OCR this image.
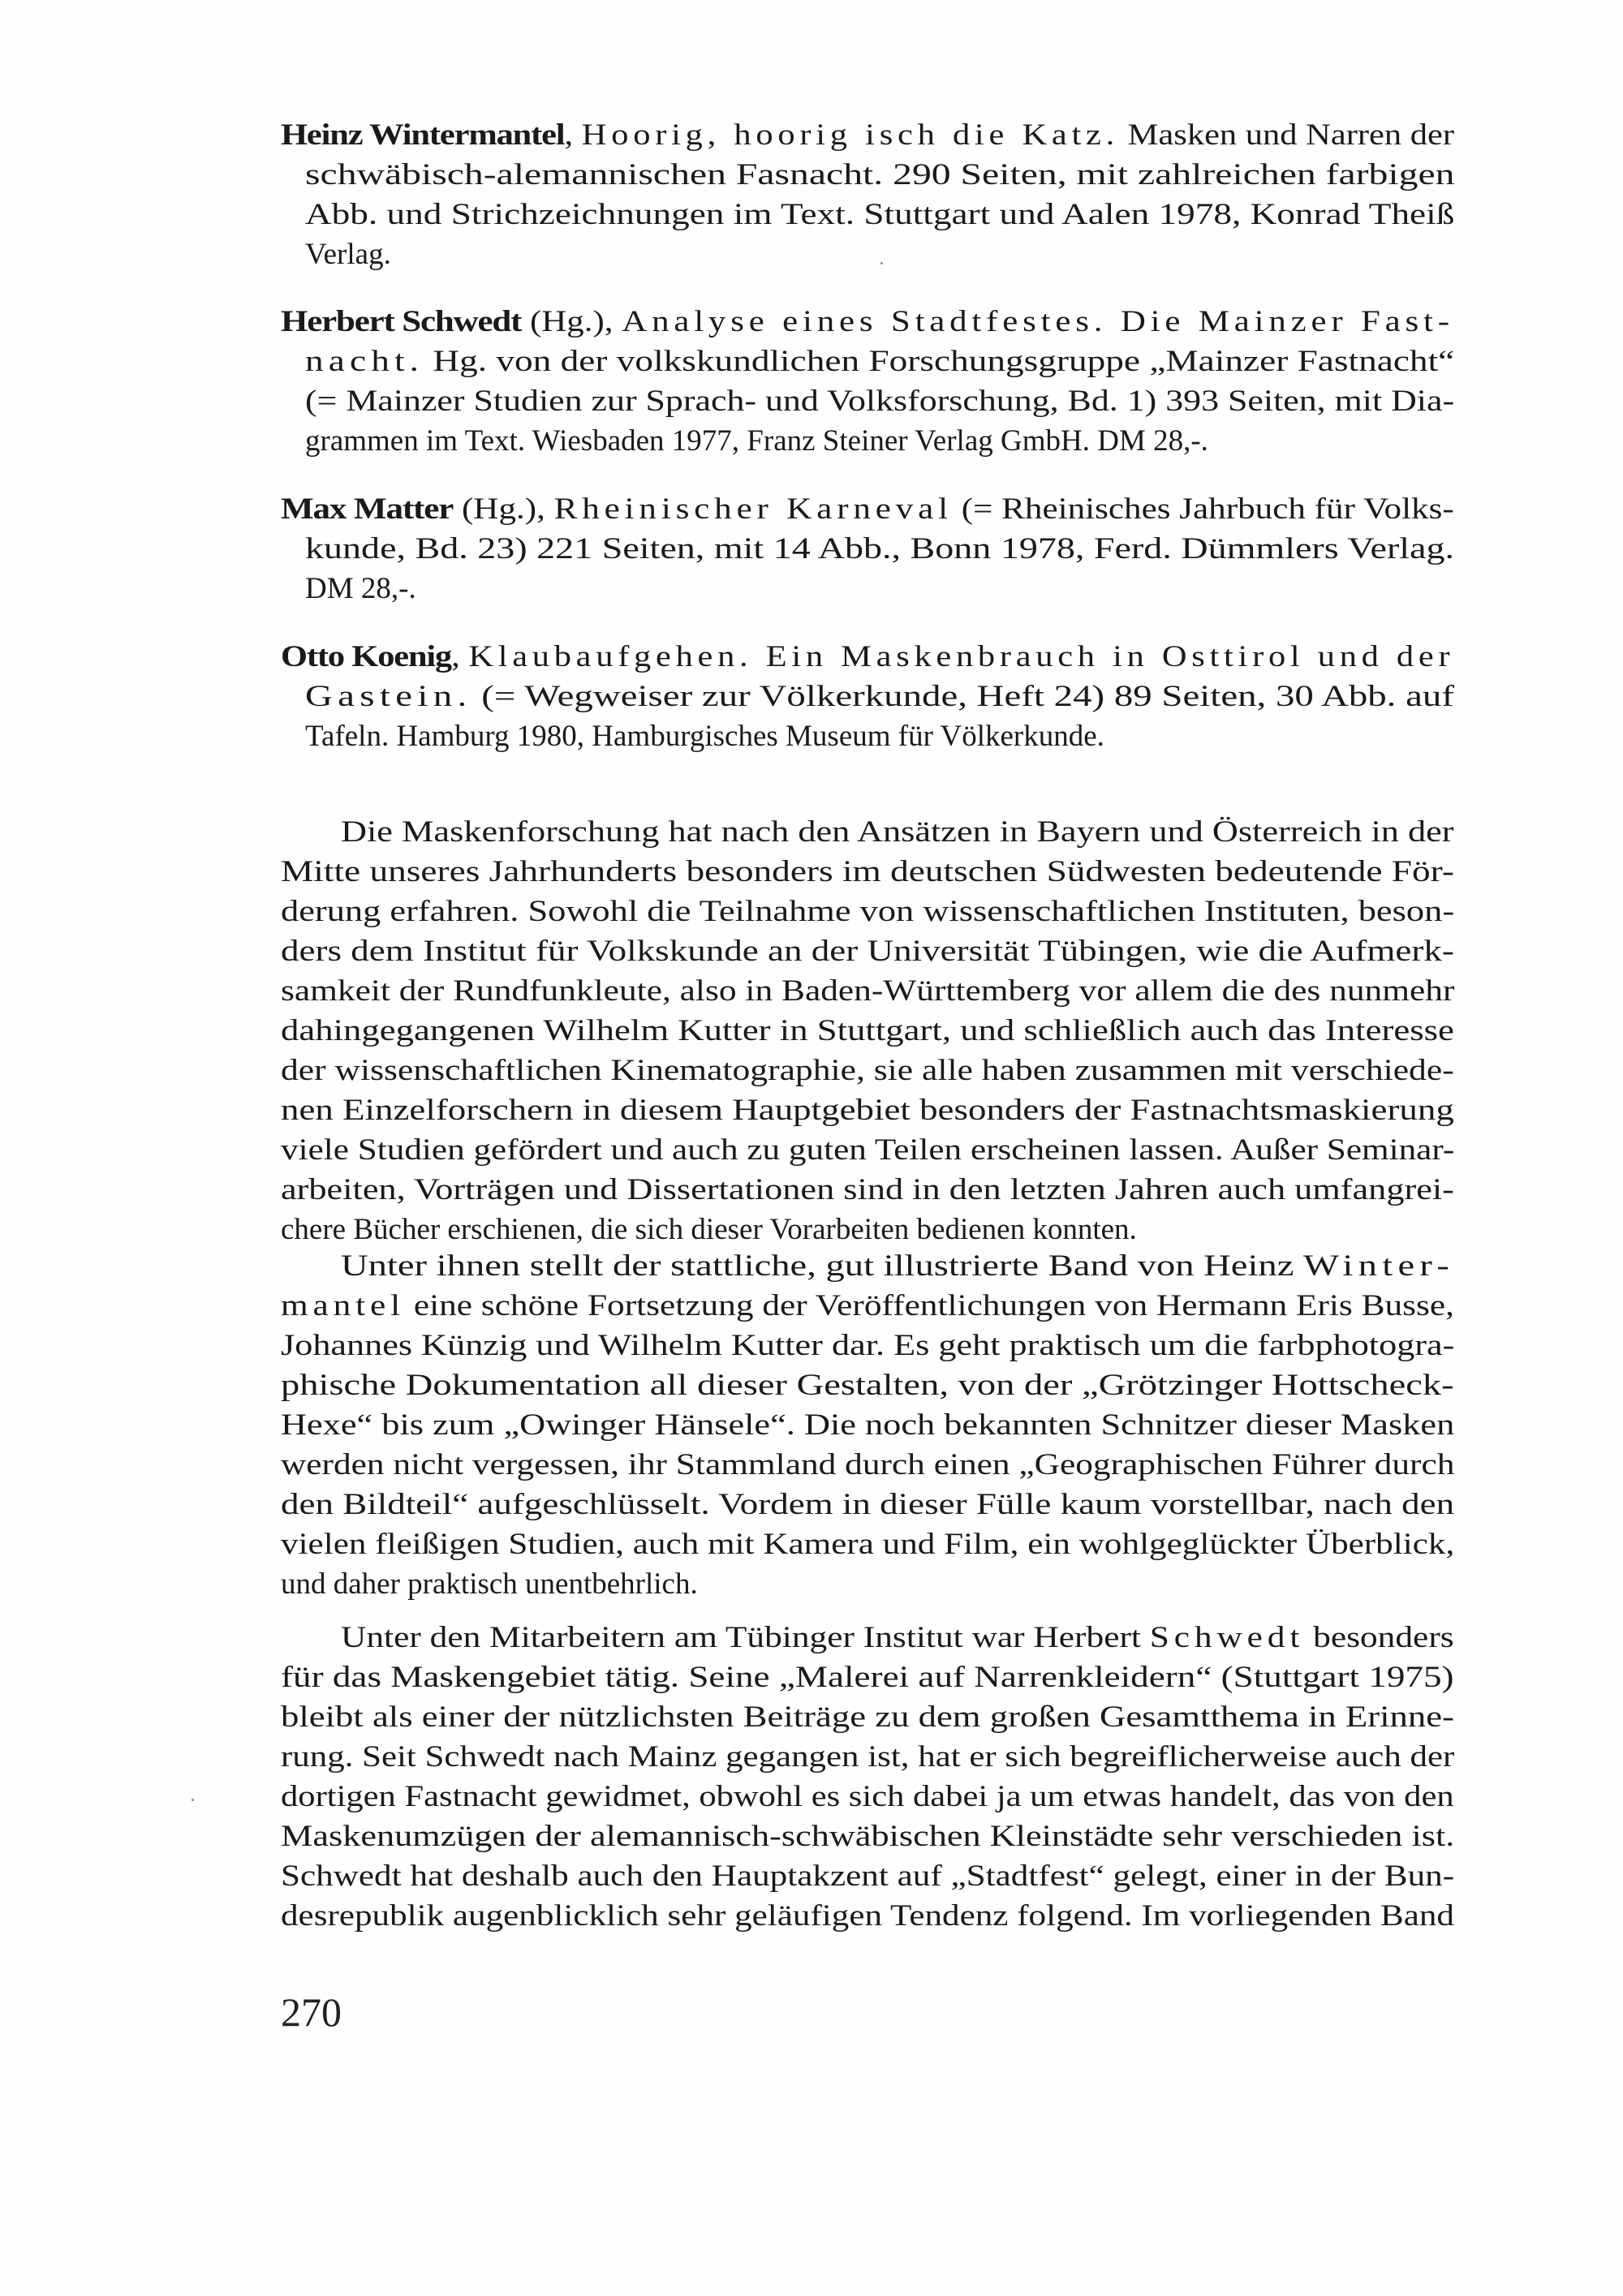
Heinz Wintermantel, Hoorig, hoorig isch die Katz. Masken und Narren der
schwäbisch-alemannischen Fasnacht. 290 Seiten, mit zahlreichen farbigen
Abb. und Strichzeichnungen im Text. Stuttgart und Aalen 1978, Konrad Theiß
Verlag.
Herbert Schwedt (Hg.), Analyse eines Stadtfestes. Die Mainzer Fast-
nacht. Hg. von der volkskundlichen Forschungsgruppe „Mainzer Fastnacht“
(= Mainzer Studien zur Sprach- und Volksforschung, Bd. 1) 393 Seiten, mit Dia-
grammen im Text. Wiesbaden 1977, Franz Steiner Verlag GmbH. DM 28,-.
Max Matter (Hg.), Rheinischer Karneval (= Rheinisches Jahrbuch für Volks-
kunde, Bd. 23) 221 Seiten, mit 14 Abb., Bonn 1978, Ferd. Dümmlers Verlag.
DM 28,-.
Otto Koenig, Klaubaufgehen. Ein Maskenbrauch in Osttirol und der
Gastein. (= Wegweiser zur Völkerkunde, Heft 24) 89 Seiten, 30 Abb. auf
Tafeln. Hamburg 1980, Hamburgisches Museum für Völkerkunde.
Die Maskenforschung hat nach den Ansätzen in Bayern und Österreich in der
Mitte unseres Jahrhunderts besonders im deutschen Südwesten bedeutende För-
derung erfahren. Sowohl die Teilnahme von wissenschaftlichen Instituten, beson-
ders dem Institut für Volkskunde an der Universität Tübingen, wie die Aufmerk-
samkeit der Rundfunkleute, also in Baden-Württemberg vor allem die des nunmehr
dahingegangenen Wilhelm Kutter in Stuttgart, und schließlich auch das Interesse
der wissenschaftlichen Kinematographie, sie alle haben zusammen mit verschiede-
nen Einzelforschern in diesem Hauptgebiet besonders der Fastnachtsmaskierung
viele Studien gefördert und auch zu guten Teilen erscheinen lassen. Außer Seminar-
arbeiten, Vorträgen und Dissertationen sind in den letzten Jahren auch umfangrei-
chere Bücher erschienen, die sich dieser Vorarbeiten bedienen konnten.
Unter ihnen stellt der stattliche, gut illustrierte Band von Heinz Winter-
mantel eine schöne Fortsetzung der Veröffentlichungen von Hermann Eris Busse,
Johannes Künzig und Wilhelm Kutter dar. Es geht praktisch um die farbphotogra-
phische Dokumentation all dieser Gestalten, von der „Grötzinger Hottscheck-
Hexe“ bis zum „Owinger Hänsele“. Die noch bekannten Schnitzer dieser Masken
werden nicht vergessen, ihr Stammland durch einen „Geographischen Führer durch
den Bildteil“ aufgeschlüsselt. Vordem in dieser Fülle kaum vorstellbar, nach den
vielen fleißigen Studien, auch mit Kamera und Film, ein wohlgeglückter Überblick,
und daher praktisch unentbehrlich.
Unter den Mitarbeitern am Tübinger Institut war Herbert Schwedt besonders
für das Maskengebiet tätig. Seine „Malerei auf Narrenkleidern“ (Stuttgart 1975)
bleibt als einer der nützlichsten Beiträge zu dem großen Gesamtthema in Erinne-
rung. Seit Schwedt nach Mainz gegangen ist, hat er sich begreiflicherweise auch der
dortigen Fastnacht gewidmet, obwohl es sich dabei ja um etwas handelt, das von den
Maskenumzügen der alemannisch-schwäbischen Kleinstädte sehr verschieden ist.
Schwedt hat deshalb auch den Hauptakzent auf „Stadtfest“ gelegt, einer in der Bun-
desrepublik augenblicklich sehr geläufigen Tendenz folgend. Im vorliegenden Band
270
